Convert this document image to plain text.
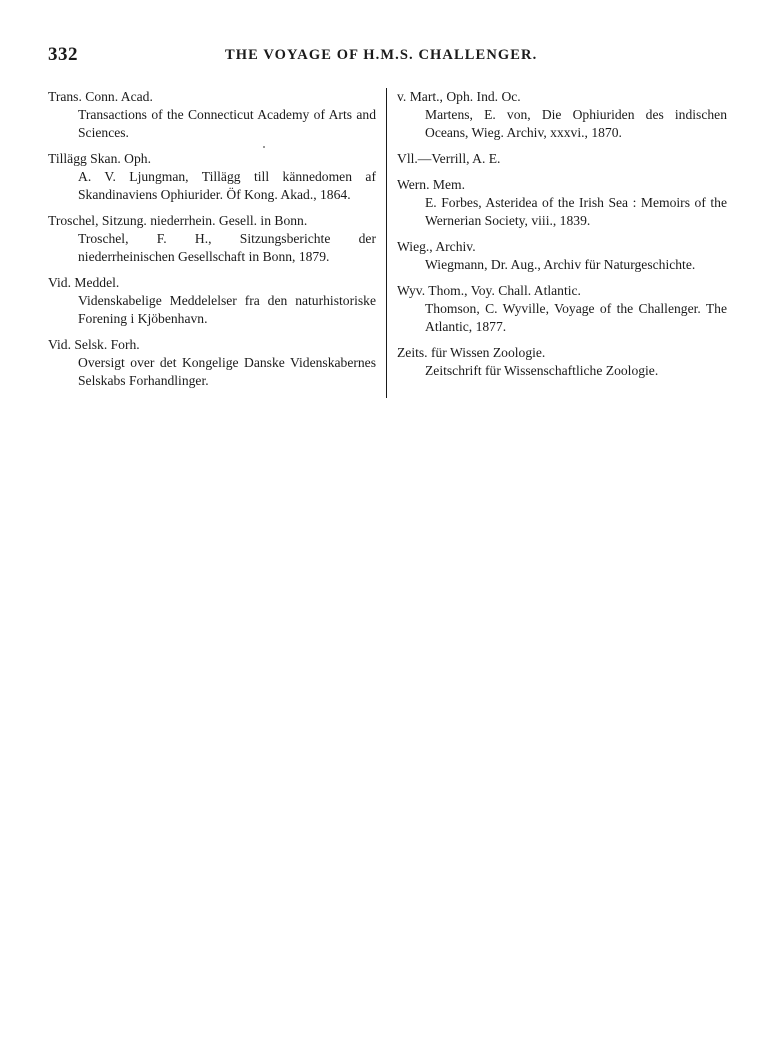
332	THE VOYAGE OF H.M.S. CHALLENGER.
Trans. Conn. Acad.
Transactions of the Connecticut Academy of Arts and Sciences.
Tillägg Skan. Oph.
A. V. Ljungman, Tillägg till kännedomen af Skandinaviens Ophiurider. Öf Kong. Akad., 1864.
Troschel, Sitzung. niederrhein. Gesell. in Bonn.
Troschel, F. H., Sitzungsberichte der niederrheinischen Gesellschaft in Bonn, 1879.
Vid. Meddel.
Videnskabelige Meddelelser fra den naturhistoriske Forening i Kjöbenhavn.
Vid. Selsk. Forh.
Oversigt over det Kongelige Danske Videnskabernes Selskabs Forhandlinger.
v. Mart., Oph. Ind. Oc.
Martens, E. von, Die Ophiuriden des indischen Oceans, Wieg. Archiv, xxxvi., 1870.
Vll.—Verrill, A. E.
Wern. Mem.
E. Forbes, Asteridea of the Irish Sea : Memoirs of the Wernerian Society, viii., 1839.
Wieg., Archiv.
Wiegmann, Dr. Aug., Archiv für Naturgeschichte.
Wyv. Thom., Voy. Chall. Atlantic.
Thomson, C. Wyville, Voyage of the Challenger. The Atlantic, 1877.
Zeits. für Wissen Zoologie.
Zeitschrift für Wissenschaftliche Zoologie.
